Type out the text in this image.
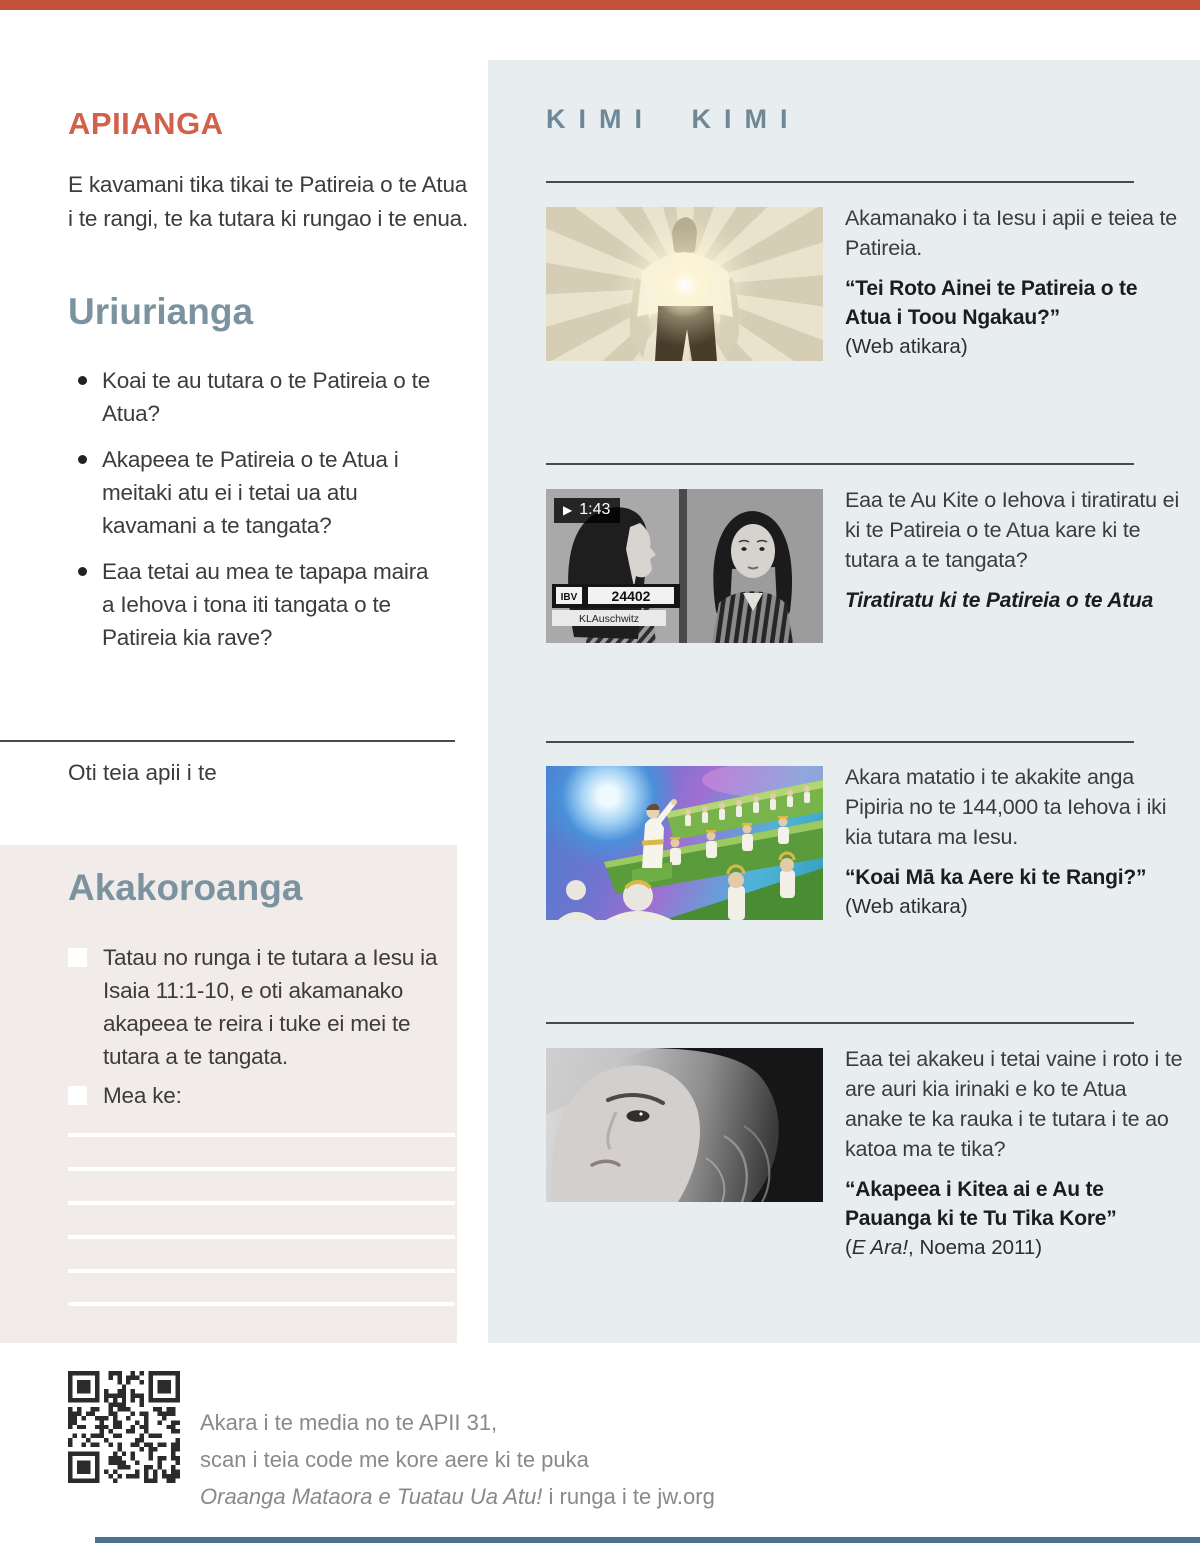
KIMI KIMI
IBV 24402
KLAuschwitz
▶ 1:43

Akamanako i ta Iesu i apii e teiea te Patireia.

“Tei Roto Ainei te Patireia o te Atua i Toou Ngakau?”

(Web atikara)

Eaa te Au Kite o Iehova i tiratiratu ei ki te Patireia o te Atua kare ki te tutara a te tangata?

Tiratiratu ki te Patireia o te Atua

Akara matatio i te akakite anga Pipiria no te 144,000 ta Iehova i iki kia tutara ma Iesu.

“Koai Mā ka Aere ki te Rangi?”

(Web atikara)

Eaa tei akakeu i tetai vaine i roto i te are auri kia irinaki e ko te Atua anake te ka rauka i te tutara i te ao katoa ma te tika?

“Akapeea i Kitea ai e Au te Pauanga ki te Tu Tika Kore”

(E Ara!, Noema 2011)

APIIANGA
E kavamani tika tikai te Patireia o te Atua i te rangi, te ka tutara ki rungao i te enua.
Uriurianga
Koai te au tutara o te Patireia o te Atua?
Akapeea te Patireia o te Atua i meitaki atu ei i tetai ua atu kavamani a te tangata?
Eaa tetai au mea te tapapa maira a Iehova i tona iti tangata o te Patireia kia rave?
Oti teia apii i te
Akakoroanga
Tatau no runga i te tutara a Iesu ia Isaia 11:1-10, e oti akamanako akapeea te reira i tuke ei mei te tutara a te tangata.
Mea ke:
Akara i te media no te APII 31,
scan i teia code me kore aere ki te puka
Oraanga Mataora e Tuatau Ua Atu! i runga i te jw.org
